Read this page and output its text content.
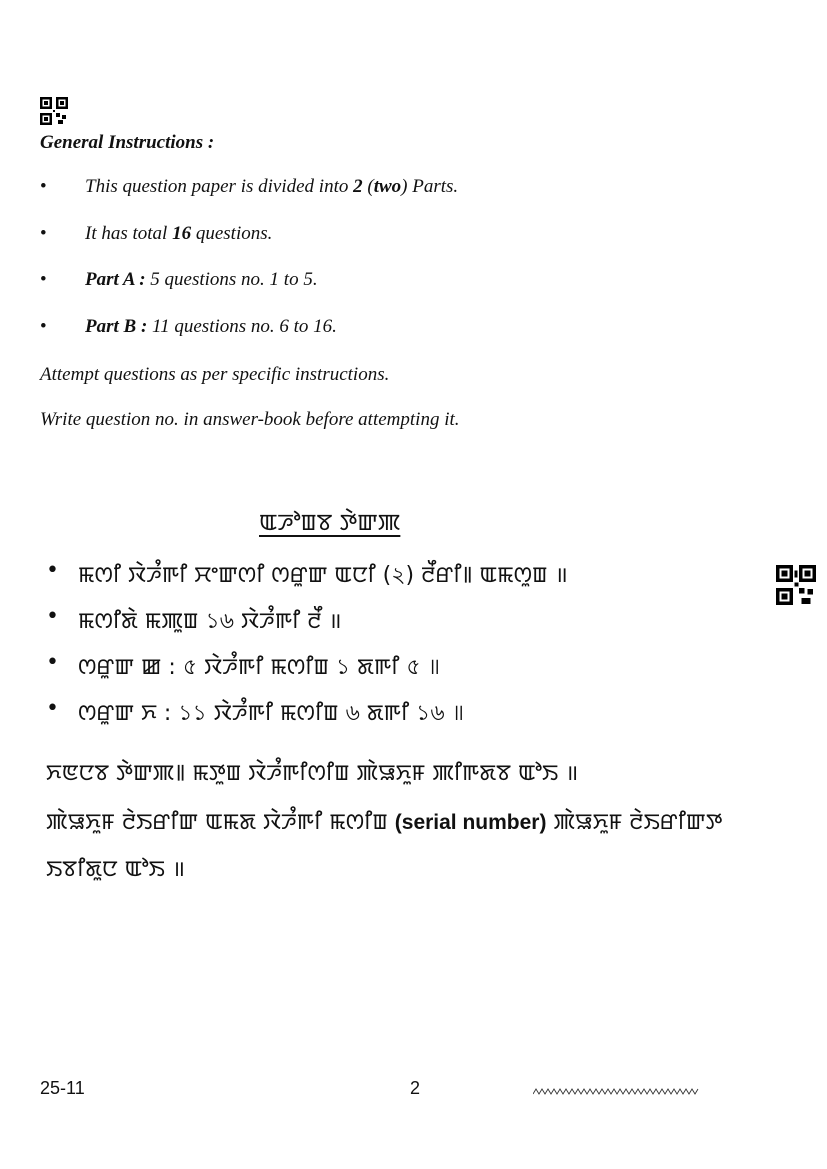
General Instructions :
• This question paper is divided into 2 (two) Parts.
• It has total 16 questions.
• Part A : 5 questions no. 1 to 5.
• Part B : 11 questions no. 6 to 16.
Attempt questions as per specific instructions.
Write question no. in answer-book before attempting it.
ꯑꯍꯣꯡꯕ ꯇꯥꯛꯄ
• ꯃꯁꯤ ꯋꯥꯍꯪꯒꯤ ꯆꯦꯛꯁꯤ ꯁꯔꯨꯛ ꯑꯅꯤ (২) ꯂꯩꯔꯤ꯫ ꯑꯃꯁꯨꯡ ॥
• ꯃꯁꯤꯗꯥ ꯃꯄꯨꯡ ১৬ ꯋꯥꯍꯪꯒꯤ ꯂꯩ ॥
• ꯁꯔꯨꯛ ꯀ : ৫ ꯋꯥꯍꯪꯒꯤ ꯃꯁꯤꯡ ১ ꯗꯒꯤ ৫ ॥
• ꯁꯔꯨꯛ ꯈ : ১১ ꯋꯥꯍꯪꯒꯤ ꯃꯁꯤꯡ ৬ ꯗꯒꯤ ১৬ ॥
ꯈꯟꯅꯕ ꯇꯥꯛꯄ꯫ ꯃꯇꯨꯡ ꯋꯥꯍꯪꯒꯤꯁꯤꯡ ꯄꯥꯎꯈꯨꯝ ꯄꯤꯒꯗꯕ ꯑꯣꯏ ॥
ꯄꯥꯎꯈꯨꯝ ꯂꯥꯏꯔꯤꯛ ꯑꯃꯗ ꯋꯥꯍꯪꯒꯤ ꯃꯁꯤꯡ (serial number) ꯄꯥꯎꯈꯨꯝ ꯂꯥꯏꯔꯤꯛꯇ
ꯏꯕꯤꯗꯨꯅ ꯑꯣꯏ ॥
25-11	2
